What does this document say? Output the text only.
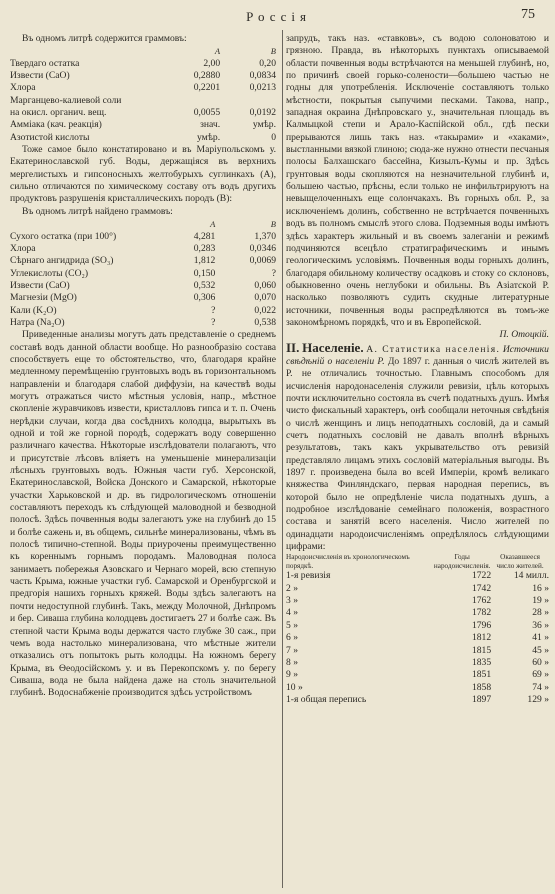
Россія	75

Въ одномъ литрѣ содержится граммовъ:

	A	B
Твердаго остатка	2,00	0,20
Извести (СаО)	0,2880	0,0834
Хлора	0,2201	0,0213
Марганцево-калиевой соли		
на окисл. органич. вещ.	0,0055	0,0192
Аммiака (кач. реакція)	знач.	умѣр.
Азотистой кислоты	умѣр.	0

Тоже самое было констатировано и въ Маріупольскомъ у. Екатеринославской губ. Воды, держащiяся въ верхнихъ мергелистыхъ и гипсоносныхъ желтобурыхъ суглинкахъ (A), сильно отличаются по химическому составу отъ водъ другихъ продуктовъ разрушенія кристаллическихъ породъ (B):

Въ одномъ литрѣ найдено граммовъ:

	A	B
Сухого остатка (при 100°)	4,281	1,370
Хлора	0,283	0,0346
Сѣрнаго ангидрида (SO₃)	1,812	0,0069
Углекислоты (CO₂)	0,150	?
Извести (CaO)	0,532	0,060
Магнезiи (MgO)	0,306	0,070
Кали (K₂O)	?	0,022
Натра (Na₂O)	?	0,538

Приведенные анализы могутъ дать представленіе о среднемъ составѣ водъ данной области вообще. Но разнообразію состава способствуетъ еще то обстоятельство, что, благодаря крайне медленному перемѣщенію грунтовыхъ водъ въ горизонтальномъ направленіи и благодаря слабой диффузіи, на качествѣ воды могутъ отражаться чисто мѣстныя условія, напр., мѣстное скопленіе журавчиковъ извести, кристалловъ гипса и т. п. Очень нерѣдки случаи, когда два сосѣднихъ колодца, вырытыхъ въ одной и той же горной породѣ, содержатъ воду совершенно различнаго качества. Нѣкоторые изслѣдователи полагаютъ, что и присутствіе лѣсовъ вліяетъ на уменьшеніе минерализаціи лѣсныхъ грунтовыхъ водъ. Южныя части губ. Херсонской, Екатеринославской, Войска Донского и Самарской, нѣкоторые участки Харьковской и др. въ гидрологическомъ отношеніи составляютъ переходъ къ слѣдующей маловодной и безводной полосѣ. Здѣсь почвенныя воды залегаютъ уже на глубинѣ до 15 и болѣе сажень и, въ общемъ, сильнѣе минерализованы, чѣмъ въ полосѣ типично-степной. Воды приурочены преимущественно къ кореннымъ горнымъ породамъ. Маловодная полоса занимаетъ побережья Азовскаго и Чернаго морей, всю степную часть Крыма, южные участки губ. Самарской и Оренбургской и предгорія нашихъ горныхъ кряжей. Воды здѣсь залегаютъ на почти недоступной глубинѣ. Такъ, между Молочной, Днѣпромъ и бер. Сиваша глубина колодцевъ достигаетъ 27 и болѣе саж. Въ степной части Крыма воды держатся часто глубже 30 саж., при чемъ вода настолько минерализована, что мѣстные жители отказались отъ попытокъ рыть колодцы. На южномъ берегу Крыма, въ Ѳеодосійскомъ у. и въ Перекопскомъ у. по берегу Сиваша, вода не была найдена даже на столь значительной глубинѣ. Водоснабженіе производится здѣсь устройствомъ

запрудъ, такъ наз. «ставковъ», съ водою солоноватою и грязною. Правда, въ нѣкоторыхъ пунктахъ описываемой области почвенныя воды встрѣчаются на меньшей глубинѣ, но, по причинѣ своей горько-солености—большею частью не годны для употребленія. Исключеніе составляютъ только мѣстности, покрытыя сыпучими песками. Такова, напр., западная окраина Днѣпровскаго у., значительная площадь въ Калмыцкой степи и Арало-Каспійской обл., гдѣ пески прерываются лишь такъ наз. «такырами» и «хаками», выстланными вязкой глиною; сюда-же нужно отнести песчаныя полосы Балхашскаго бассейна, Кизылъ-Кумы и пр. Здѣсь грунтовыя воды скопляются на незначительной глубинѣ и, большею частью, прѣсны, если только не инфильтрируютъ на невыщелоченныхъ еще солончакахъ. Въ горныхъ обл. Р., за исключеніемъ долинъ, собственно не встрѣчается почвенныхъ водъ въ полномъ смыслѣ этого слова. Подземныя воды имѣютъ здѣсь характеръ жильный и въ своемъ залеганіи и режимѣ подчиняются всецѣло стратиграфическимъ и инымъ геологическимъ условіямъ. Почвенныя воды горныхъ долинъ, благодаря обильному количеству осадковъ и стоку со склоновъ, обыкновенно очень неглубоки и обильны. Въ Азіатской Р. насколько позволяютъ судить скудные литературные источники, почвенныя воды распредѣляются въ томъ-же закономѣрномъ порядкѣ, что и въ Европейской.

П. Отоцкій.

II. Населеніе. А. Статистика населенія. Источники свѣдѣній о населеніи Р. До 1897 г. данныя о числѣ жителей въ Р. не отличались точностью. Главнымъ способомъ для исчисленія народонаселенія служили ревизіи, цѣль которыхъ почти исключительно состояла въ счетѣ податныхъ душъ. Имѣя чисто фискальный характеръ, онѣ сообщали неточныя свѣдѣнія о числѣ женщинъ и лицъ неподатныхъ сословій, да и самый счетъ податныхъ сословій не давалъ вполнѣ вѣрныхъ результатовъ, такъ какъ укрывательство отъ ревизій представляло лицамъ этихъ сословій матеріальныя выгоды. Въ 1897 г. произведена была во всей Имперіи, кромѣ великаго княжества Финляндскаго, первая народная перепись, въ которой было не опредѣленіе числа податныхъ душъ, а подробное изслѣдованіе семейнаго положенія, возрастного состава и занятій всего населенія. Число жителей по одинадцати народоисчисленіямъ опредѣлялось слѣдующими цифрами:

Народоисчисленія въ хронологическомъ порядкѣ.	Годы народоисчисленія.	Оказавшееся число жителей.
1-я ревизія	1722	14 милл.
2 »	1742	16 »
3 »	1762	19 »
4 »	1782	28 »
5 »	1796	36 »
6 »	1812	41 »
7 »	1815	45 »
8 »	1835	60 »
9 »	1851	69 »
10 »	1858	74 »
1-я общая перепись	1897	129 »
